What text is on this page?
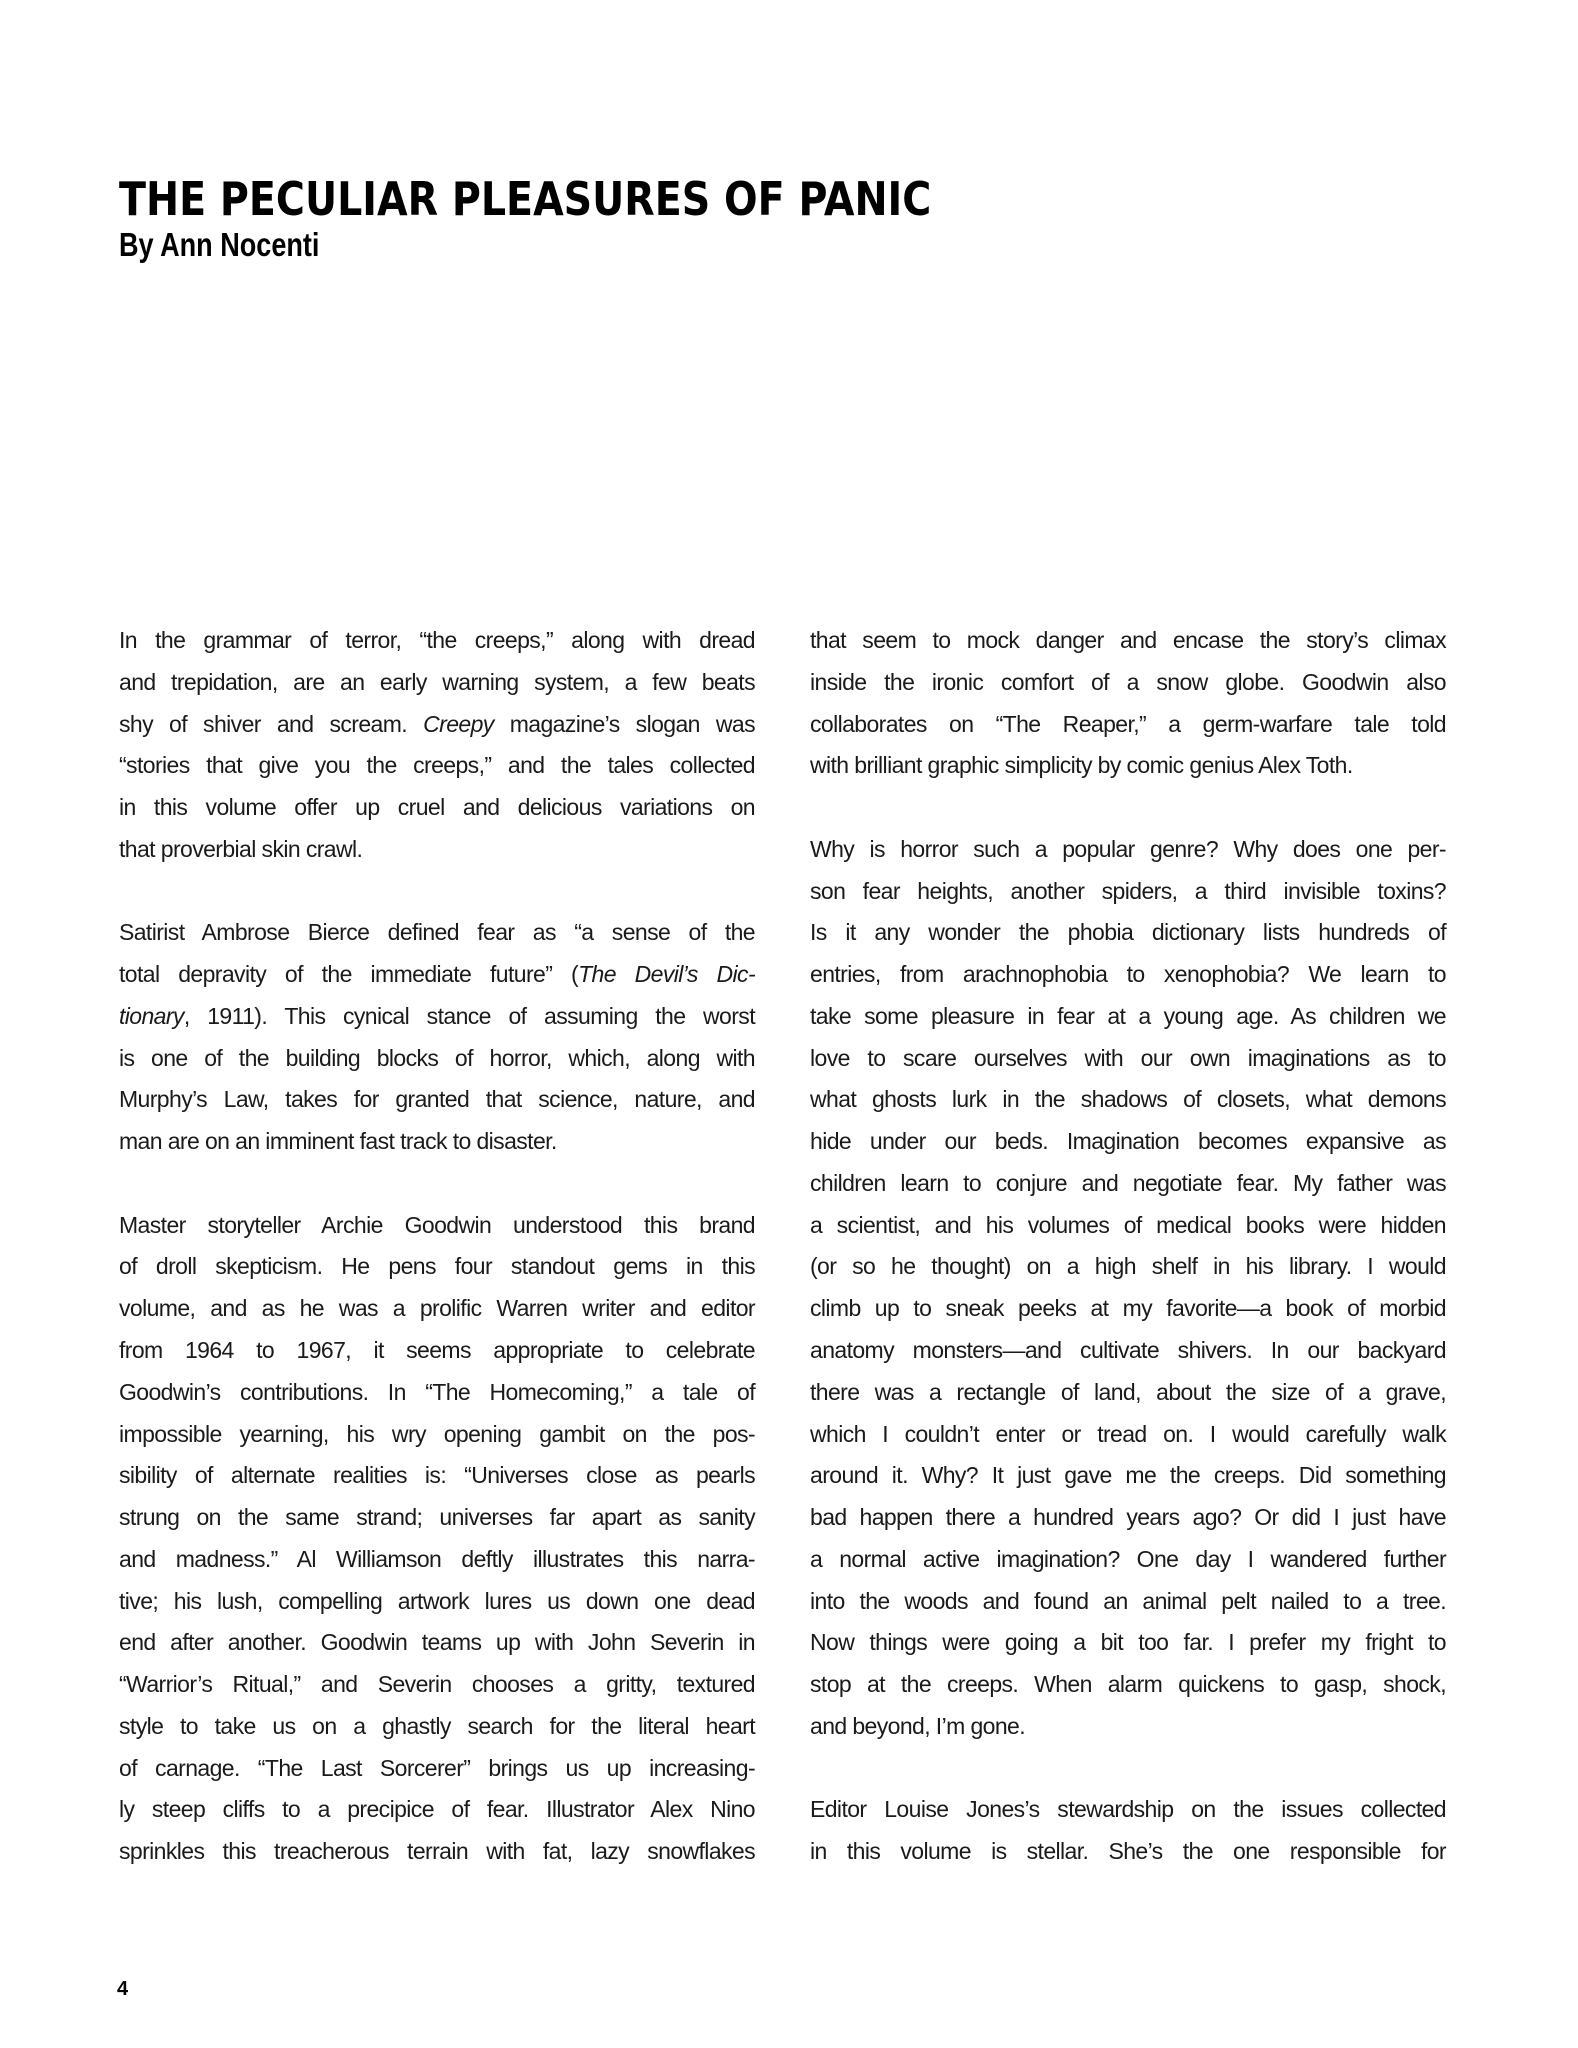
THE PECULIAR PLEASURES OF PANIC
By Ann Nocenti
In the grammar of terror, “the creeps,” along with dread
and trepidation, are an early warning system, a few beats
shy of shiver and scream. Creepy magazine’s slogan was
“stories that give you the creeps,” and the tales collected
in this volume offer up cruel and delicious variations on
that proverbial skin crawl.
Satirist Ambrose Bierce defined fear as “a sense of the
total depravity of the immediate future” (The Devil’s Dic-
tionary, 1911). This cynical stance of assuming the worst
is one of the building blocks of horror, which, along with
Murphy’s Law, takes for granted that science, nature, and
man are on an imminent fast track to disaster.
Master storyteller Archie Goodwin understood this brand
of droll skepticism. He pens four standout gems in this
volume, and as he was a prolific Warren writer and editor
from 1964 to 1967, it seems appropriate to celebrate
Goodwin’s contributions. In “The Homecoming,” a tale of
impossible yearning, his wry opening gambit on the pos-
sibility of alternate realities is: “Universes close as pearls
strung on the same strand; universes far apart as sanity
and madness.” Al Williamson deftly illustrates this narra-
tive; his lush, compelling artwork lures us down one dead
end after another. Goodwin teams up with John Severin in
“Warrior’s Ritual,” and Severin chooses a gritty, textured
style to take us on a ghastly search for the literal heart
of carnage. “The Last Sorcerer” brings us up increasing-
ly steep cliffs to a precipice of fear. Illustrator Alex Nino
sprinkles this treacherous terrain with fat, lazy snowflakes
that seem to mock danger and encase the story’s climax
inside the ironic comfort of a snow globe. Goodwin also
collaborates on “The Reaper,” a germ-warfare tale told
with brilliant graphic simplicity by comic genius Alex Toth.
Why is horror such a popular genre? Why does one per-
son fear heights, another spiders, a third invisible toxins?
Is it any wonder the phobia dictionary lists hundreds of
entries, from arachnophobia to xenophobia? We learn to
take some pleasure in fear at a young age. As children we
love to scare ourselves with our own imaginations as to
what ghosts lurk in the shadows of closets, what demons
hide under our beds. Imagination becomes expansive as
children learn to conjure and negotiate fear. My father was
a scientist, and his volumes of medical books were hidden
(or so he thought) on a high shelf in his library. I would
climb up to sneak peeks at my favorite—a book of morbid
anatomy monsters—and cultivate shivers. In our backyard
there was a rectangle of land, about the size of a grave,
which I couldn’t enter or tread on. I would carefully walk
around it. Why? It just gave me the creeps. Did something
bad happen there a hundred years ago? Or did I just have
a normal active imagination? One day I wandered further
into the woods and found an animal pelt nailed to a tree.
Now things were going a bit too far. I prefer my fright to
stop at the creeps. When alarm quickens to gasp, shock,
and beyond, I’m gone.
Editor Louise Jones’s stewardship on the issues collected
in this volume is stellar. She’s the one responsible for
4
